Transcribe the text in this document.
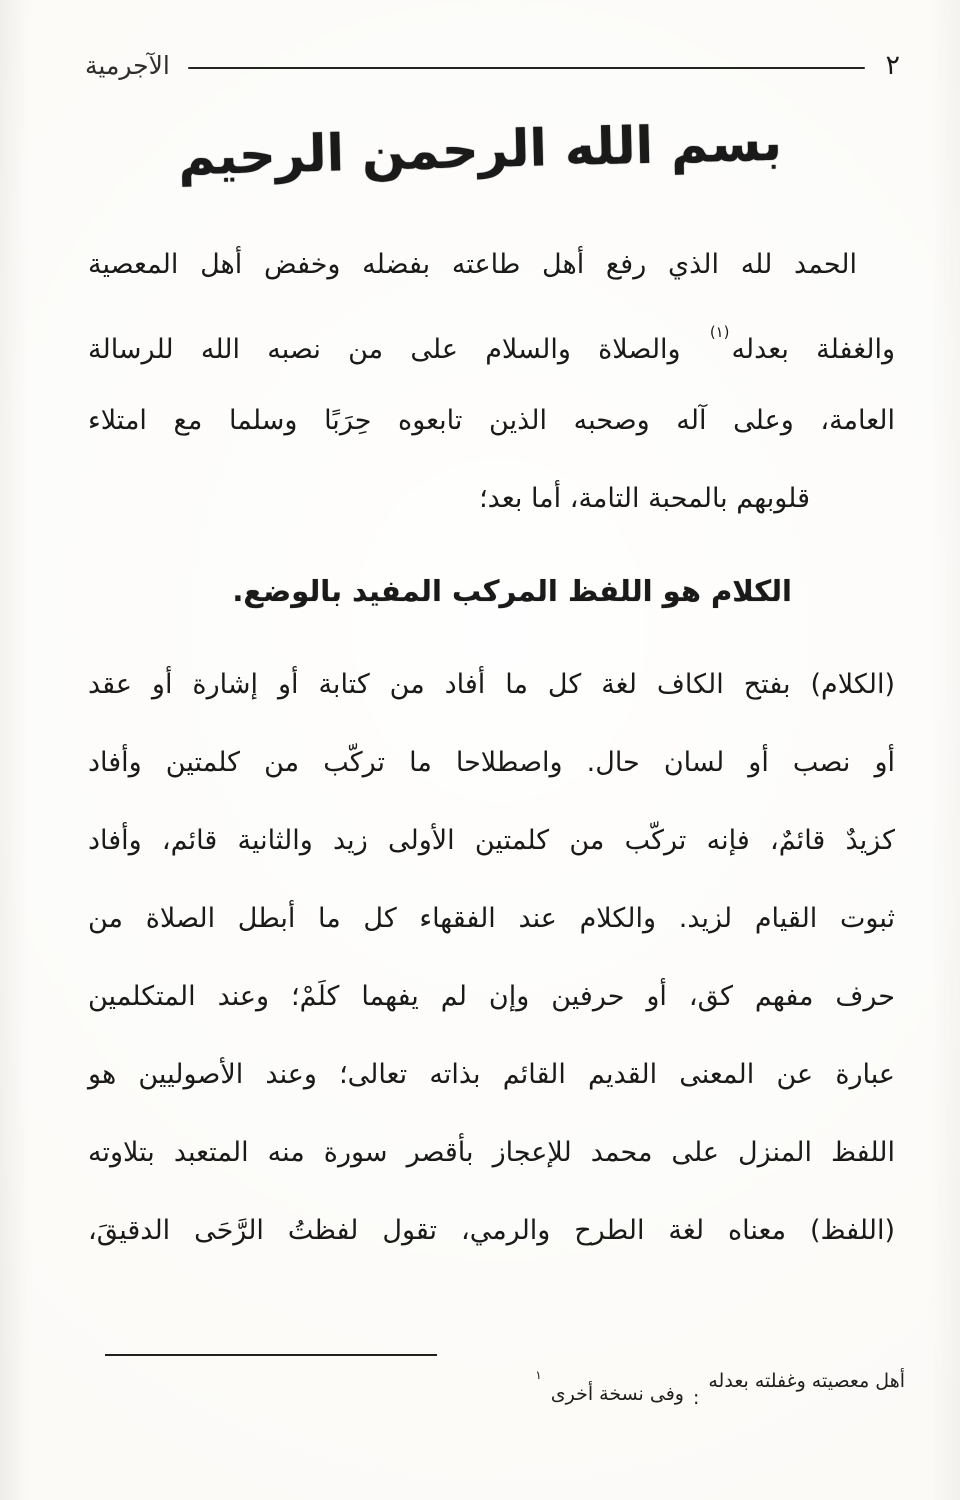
الآجرمية	٢
بسم الله الرحمن الرحيم
الحمد لله الذي رفع أهل طاعته بفضله وخفض أهل المعصية
والغفلة بعدله$^{(١)}$ والصلاة والسلام على من نصبه الله للرسالة
العامة، وعلى آله وصحبه الذين تابعوه حِرَبًا وسلما مع امتلاء
قلوبهم بالمحبة التامة، أما بعد؛
الكلام هو اللفظ المركب المفيد بالوضع.
(الكلام) بفتح الكاف لغة كل ما أفاد من كتابة أو إشارة أو عقد
أو نصب أو لسان حال. واصطلاحا ما تركّب من كلمتين وأفاد
كزيدٌ قائمٌ، فإنه تركّب من كلمتين الأولى زيد والثانية قائم، وأفاد
ثبوت القيام لزيد. والكلام عند الفقهاء كل ما أبطل الصلاة من
حرف مفهم كق، أو حرفين وإن لم يفهما كلَمْ؛ وعند المتكلمين
عبارة عن المعنى القديم القائم بذاته تعالى؛ وعند الأصوليين هو
اللفظ المنزل على محمد للإعجاز بأقصر سورة منه المتعبد بتلاوته
(اللفظ) معناه لغة الطرح والرمي، تقول لفظتُ الرَّحَى الدقيقَ،
١
وفى نسخة أخرى :
أهل معصيته وغفلته بعدله
